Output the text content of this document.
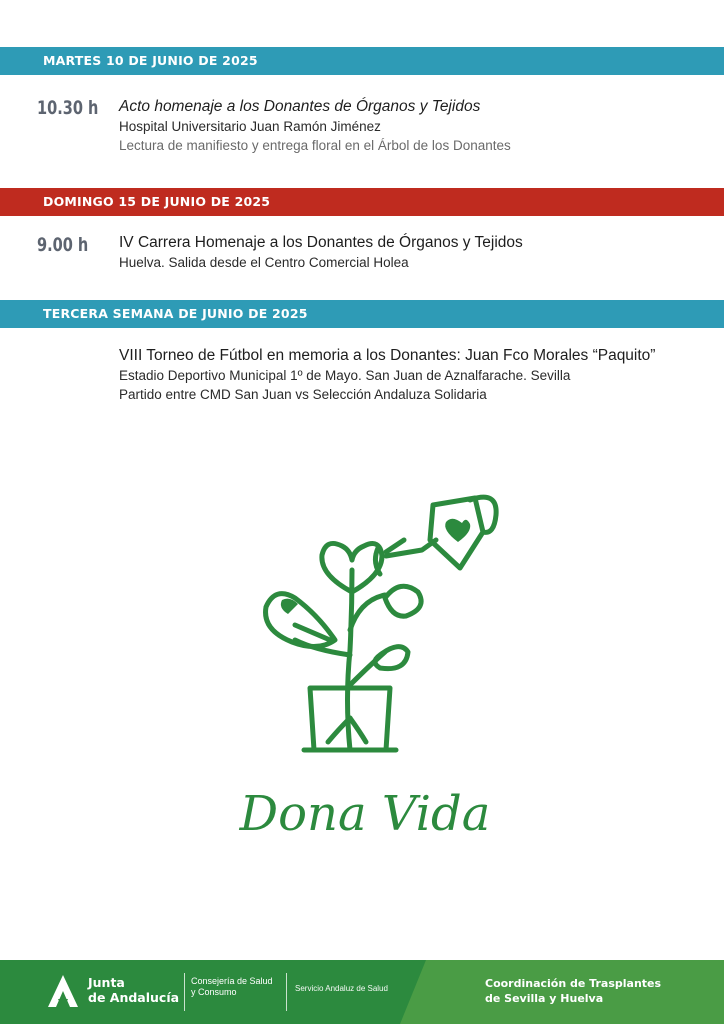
MARTES 10 DE JUNIO DE 2025
10.30 h Acto homenaje a los Donantes de Órganos y Tejidos
Hospital Universitario Juan Ramón Jiménez
Lectura de manifiesto y entrega floral en el Árbol de los Donantes
DOMINGO 15 DE JUNIO DE 2025
9.00 h IV Carrera Homenaje a los Donantes de Órganos y Tejidos
Huelva. Salida desde el Centro Comercial Holea
TERCERA SEMANA DE JUNIO DE 2025
VIII Torneo de Fútbol en memoria a los Donantes: Juan Fco Morales “Paquito”
Estadio Deportivo Municipal 1º de Mayo. San Juan de Aznalfarache. Sevilla
Partido entre CMD San Juan vs Selección Andaluza Solidaria
Dona Vida
Junta
de Andalucía
Consejería de Salud
y Consumo	Servicio Andaluz de Salud	Coordinación de Trasplantes
de Sevilla y Huelva
